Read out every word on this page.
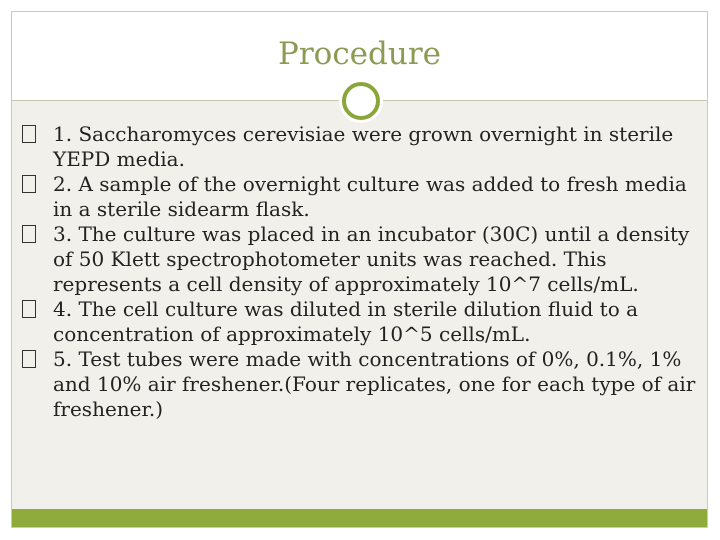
Procedure

1. Saccharomyces cerevisiae were grown overnight in sterile YEPD media.

2. A sample of the overnight culture was added to fresh media in a sterile sidearm flask.

3. The culture was placed in an incubator (30C) until a density of 50 Klett spectrophotometer units was reached. This represents a cell density of approximately 10^7 cells/mL.

4. The cell culture was diluted in sterile dilution fluid to a concentration of approximately 10^5 cells/mL.

5. Test tubes were made with concentrations of 0%, 0.1%, 1% and 10% air freshener.(Four replicates, one for each type of air freshener.)
